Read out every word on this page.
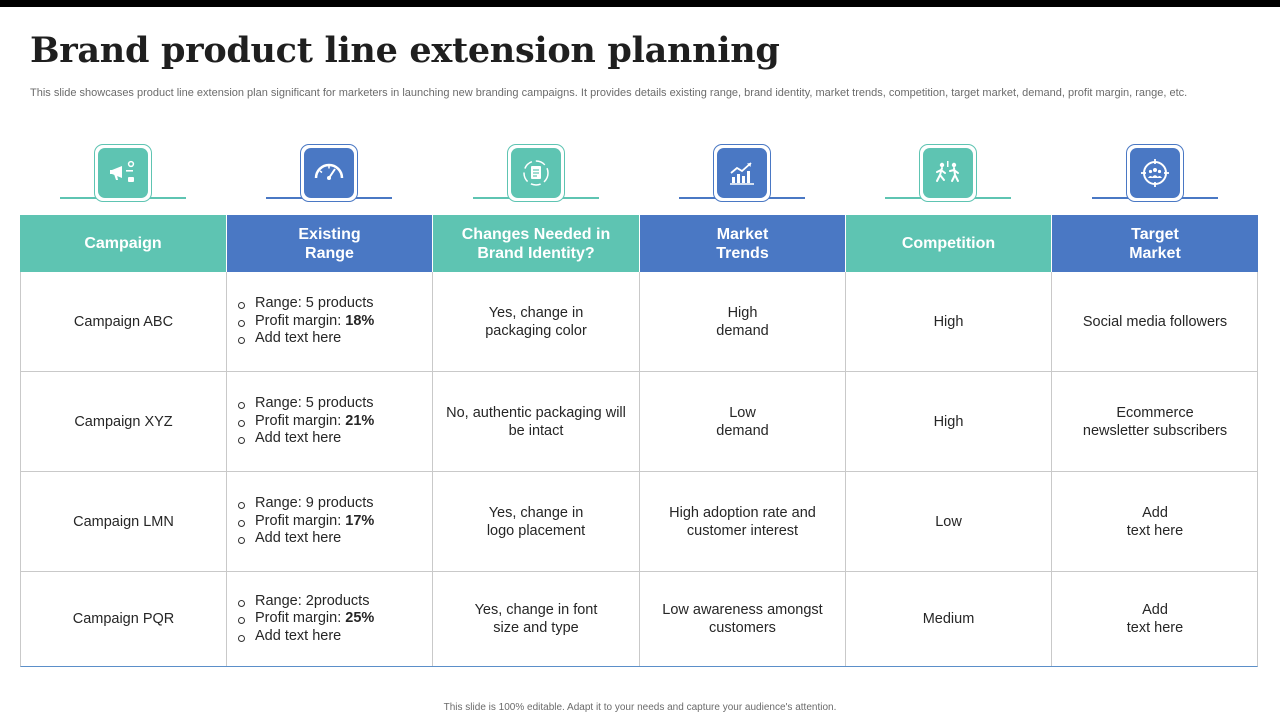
Brand product line extension planning
This slide showcases product line extension plan significant for marketers in launching new branding campaigns. It provides details existing range, brand identity, market trends, competition, target market, demand, profit margin, range, etc.
Campaign
Existing
Range
Changes Needed in
Brand Identity?
Market
Trends
Competition
Target
Market
Campaign ABC
Range: 5 products
Profit margin: 18%
Add text here
Yes, change in
packaging color
High
demand
High	Social media followers
Campaign XYZ
Range: 5 products
Profit margin: 21%
Add text here
No, authentic packaging will
be intact
Low
demand
High
Ecommerce
newsletter subscribers
Campaign LMN
Range: 9 products
Profit margin: 17%
Add text here
Yes, change in
logo placement
High adoption rate and
customer interest
Low
Add
text here
Campaign PQR
Range: 2products
Profit margin: 25%
Add text here
Yes, change in font
size and type
Low awareness amongst
customers
Medium
Add
text here
This slide is 100% editable. Adapt it to your needs and capture your audience's attention.
